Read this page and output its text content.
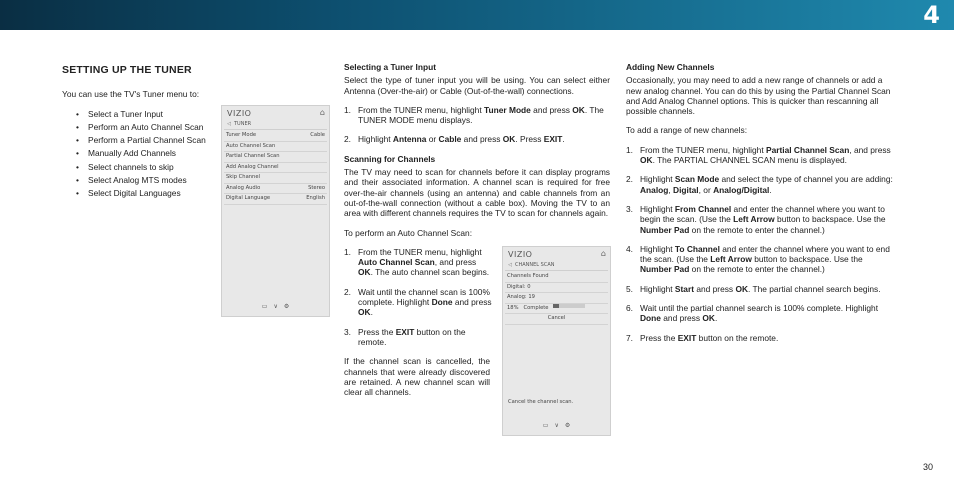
4
SETTING UP THE TUNER

You can use the TV's Tuner menu to:

• Select a Tuner Input
• Perform an Auto Channel Scan
• Perform a Partial Channel Scan
• Manually Add Channels
• Select channels to skip
• Select Analog MTS modes
• Select Digital Languages
VIZIO	⌂
◁ TUNER
Tuner Mode	Cable
Auto Channel Scan
Partial Channel Scan
Add Analog Channel
Skip Channel
Analog Audio	Stereo
Digital Language	English
▭ ∨ ⚙
Selecting a Tuner Input

Select the type of tuner input you will be using. You can select either Antenna (Over-the-air) or Cable (Out-of-the-wall) connections.

1. From the TUNER menu, highlight Tuner Mode and press OK. The TUNER MODE menu displays.
2. Highlight Antenna or Cable and press OK. Press EXIT.
Scanning for Channels

The TV may need to scan for channels before it can display programs and their associated information. A channel scan is required for free over-the-air channels (using an antenna) and cable channels from an out-of-the-wall connection (without a cable box). Moving the TV to an area with different channels requires the TV to scan for channels again.

To perform an Auto Channel Scan:

1. From the TUNER menu, highlight Auto Channel Scan, and press OK. The auto channel scan begins.
2. Wait until the channel scan is 100% complete. Highlight Done and press OK.
3. Press the EXIT button on the remote.

If the channel scan is cancelled, the channels that were already discovered are retained. A new channel scan will clear all channels.

VIZIO	⌂
◁ CHANNEL SCAN
Channels Found
Digital: 0
Analog: 19
18%
Complete

Cancel
Cancel the channel scan.
▭ ∨ ⚙
Adding New Channels

Occasionally, you may need to add a new range of channels or add a new analog channel. You can do this by using the Partial Channel Scan and Add Analog Channel options. This is quicker than rescanning all possible channels.

To add a range of new channels:

1. From the TUNER menu, highlight Partial Channel Scan, and press OK. The PARTIAL CHANNEL SCAN menu is displayed.
2. Highlight Scan Mode and select the type of channel you are adding: Analog, Digital, or Analog/Digital.
3. Highlight From Channel and enter the channel where you want to begin the scan. (Use the Left Arrow button to backspace. Use the Number Pad on the remote to enter the channel.)
4. Highlight To Channel and enter the channel where you want to end the scan. (Use the Left Arrow button to backspace. Use the Number Pad on the remote to enter the channel.)
5. Highlight Start and press OK. The partial channel search begins.
6. Wait until the partial channel search is 100% complete. Highlight Done and press OK.
7. Press the EXIT button on the remote.
30
